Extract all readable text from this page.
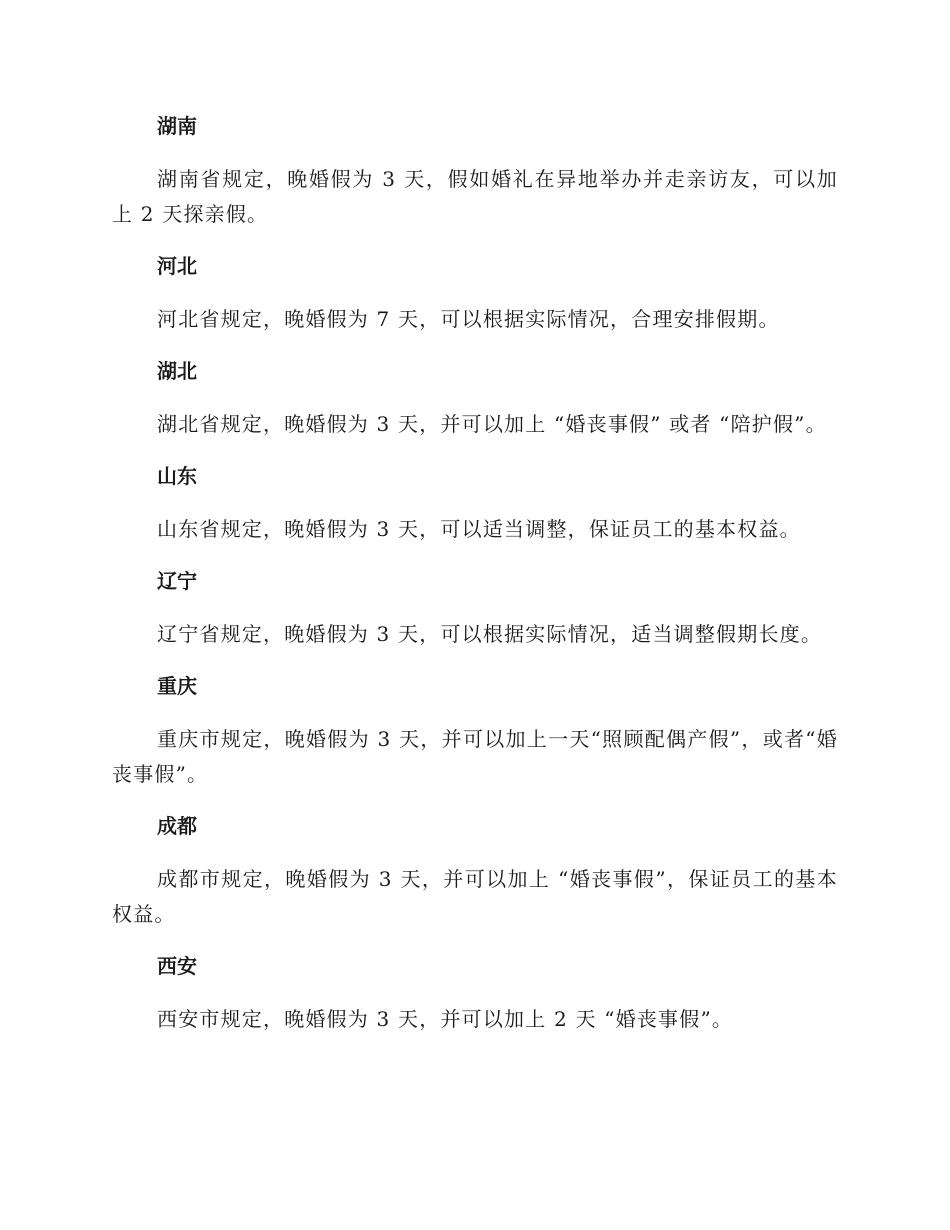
湖南

湖南省规定，晚婚假为 3 天，假如婚礼在异地举办并走亲访友，可以加上 2 天探亲假。

河北

河北省规定，晚婚假为 7 天，可以根据实际情况，合理安排假期。

湖北

湖北省规定，晚婚假为 3 天，并可以加上 “婚丧事假” 或者 “陪护假”。

山东

山东省规定，晚婚假为 3 天，可以适当调整，保证员工的基本权益。

辽宁

辽宁省规定，晚婚假为 3 天，可以根据实际情况，适当调整假期长度。

重庆

重庆市规定，晚婚假为 3 天，并可以加上一天“照顾配偶产假”，或者“婚丧事假”。

成都

成都市规定，晚婚假为 3 天，并可以加上 “婚丧事假”，保证员工的基本权益。

西安

西安市规定，晚婚假为 3 天，并可以加上 2 天 “婚丧事假”。
